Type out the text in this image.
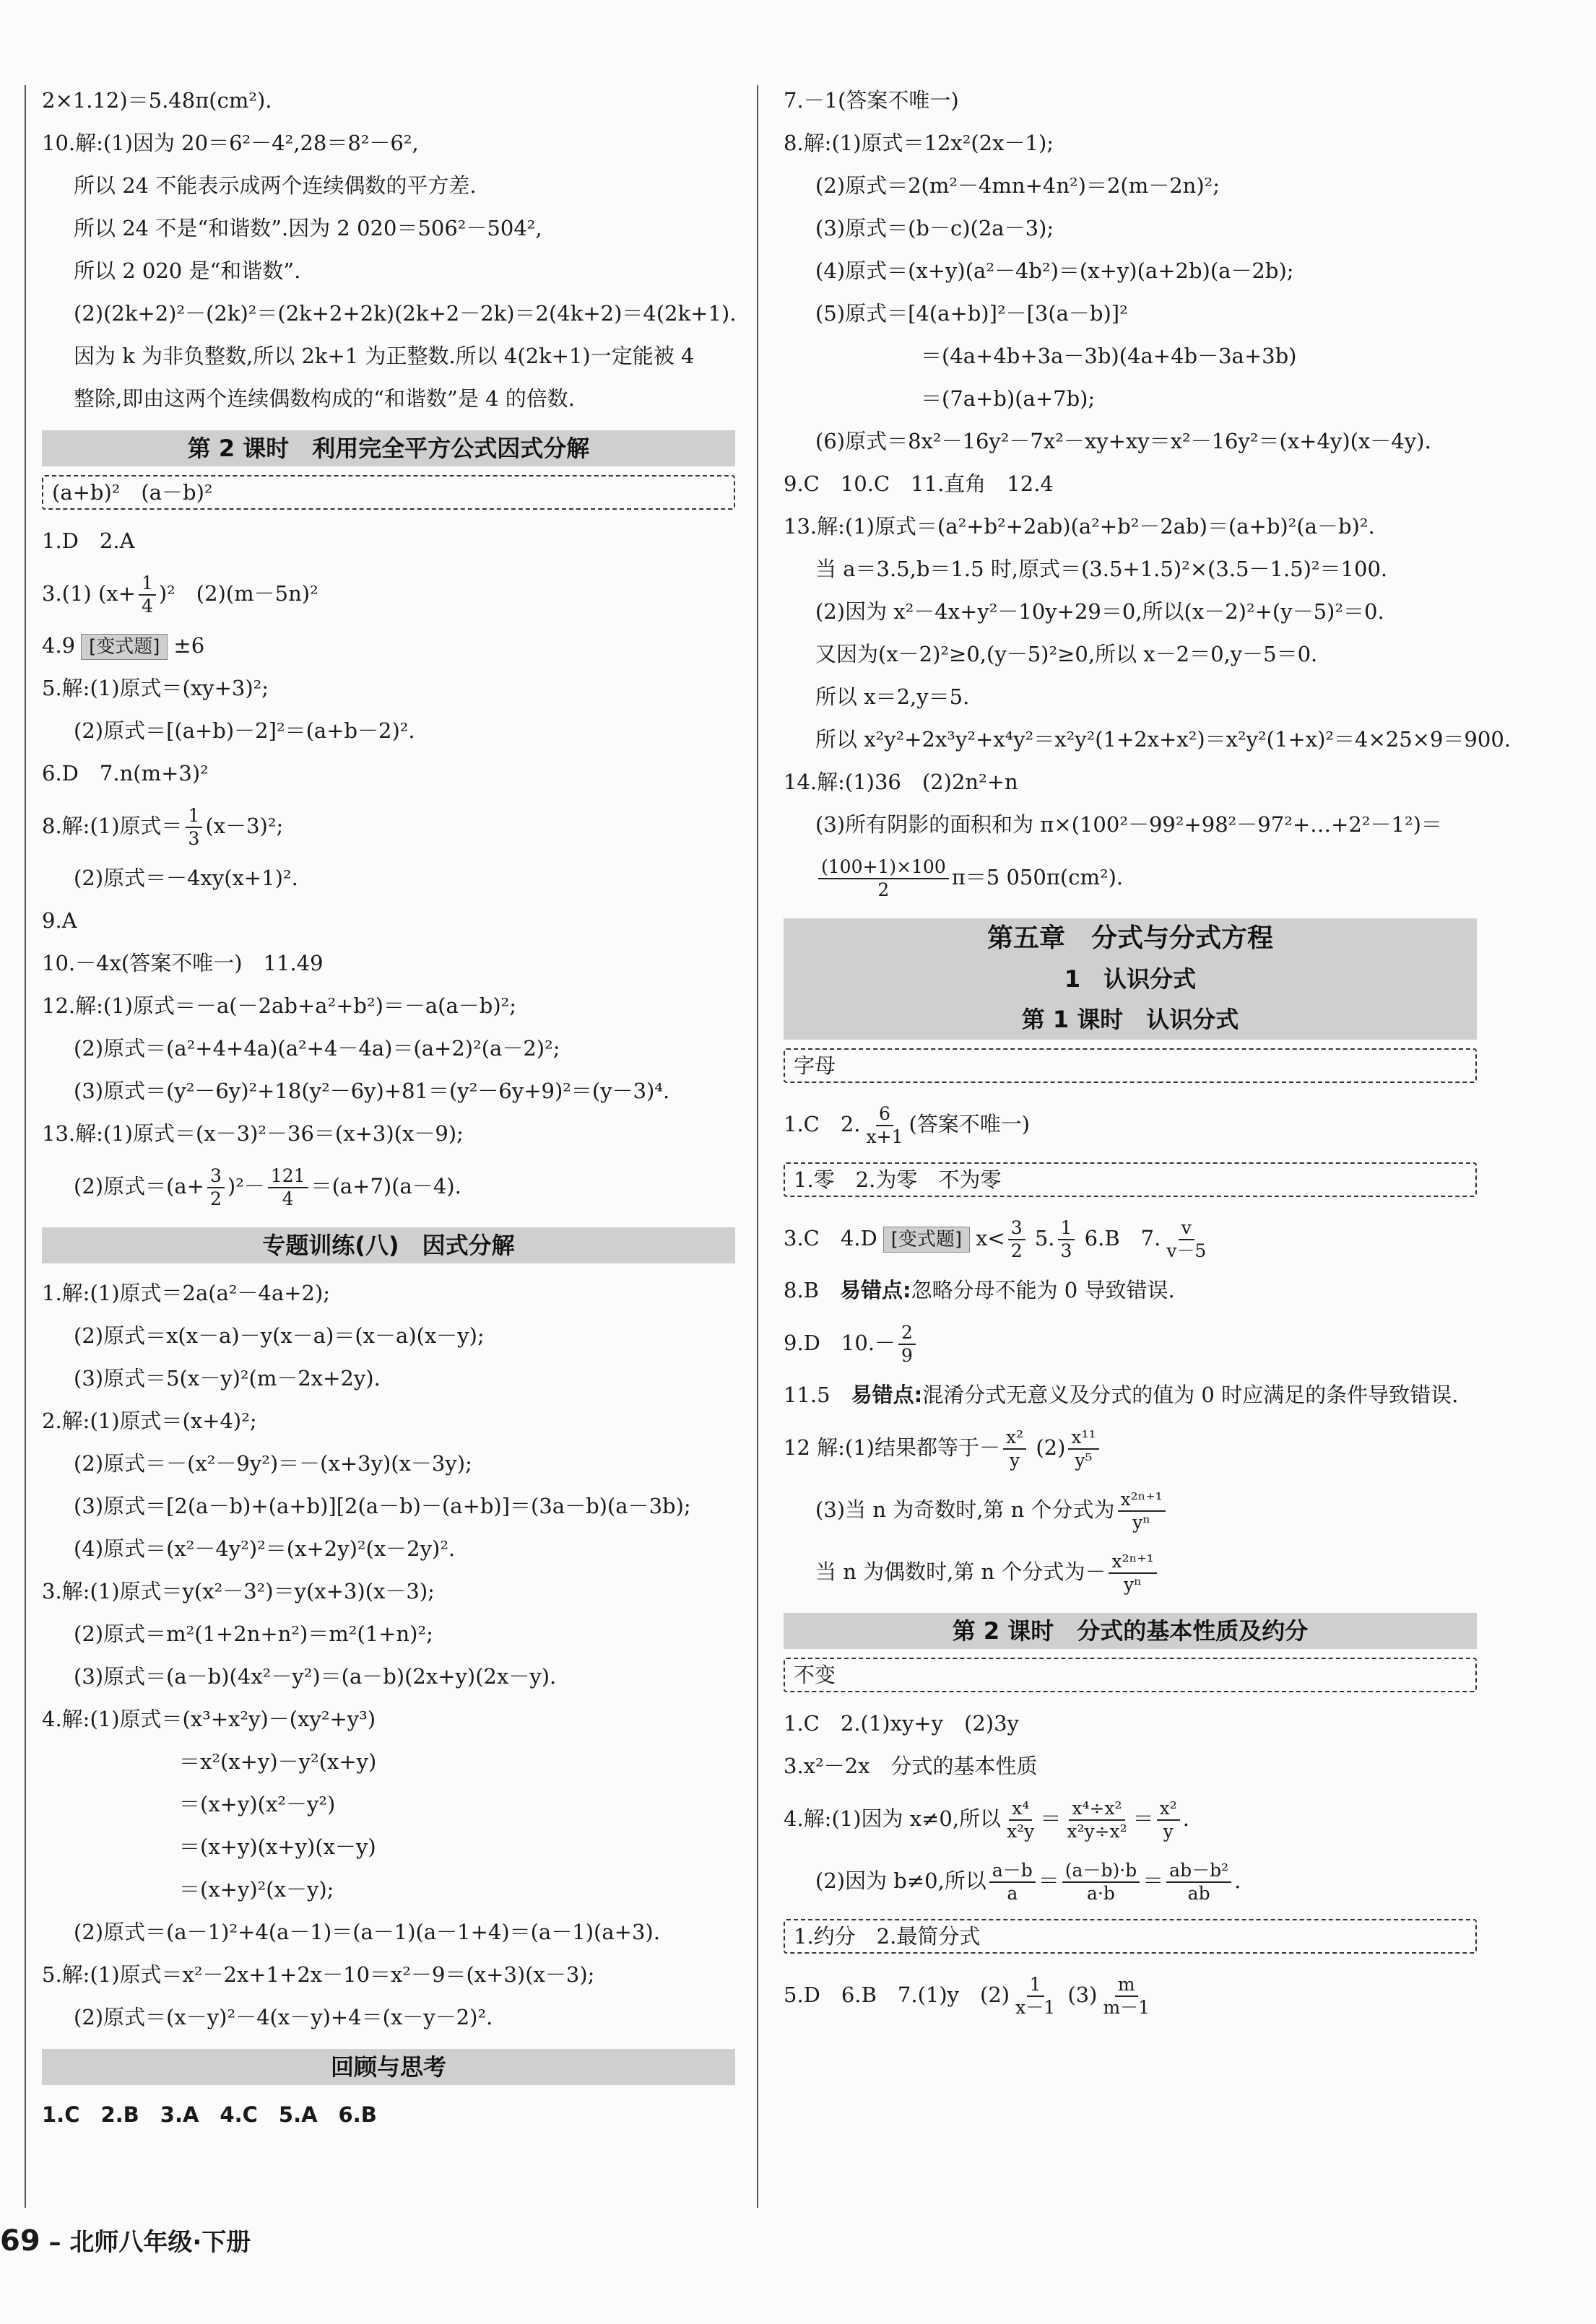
2×1.12)＝5.48π(cm²).
10.解:(1)因为 20＝6²－4²,28＝8²－6²,
所以 24 不能表示成两个连续偶数的平方差.
所以 24 不是“和谐数”.因为 2 020＝506²－504²,
所以 2 020 是“和谐数”.
(2)(2k+2)²－(2k)²＝(2k+2+2k)(2k+2－2k)＝2(4k+2)＝4(2k+1).
因为 k 为非负整数,所以 2k+1 为正整数.所以 4(2k+1)一定能被 4
整除,即由这两个连续偶数构成的“和谐数”是 4 的倍数.
第 2 课时　利用完全平方公式因式分解
(a+b)²　(a－b)²
1.D　2.A
3.(1) $(x+ \frac{1}{4} )^2$　(2)(m－5n)²
4.9 [变式题] ±6
5.解:(1)原式＝(xy+3)²;
(2)原式＝[(a+b)－2]²＝(a+b－2)².
6.D　7.n(m+3)²
8.解:(1)原式＝ $\frac{1}{3} (x-3)^2$;
(2)原式＝－4xy(x+1)².
9.A
10.－4x(答案不唯一)　11.49
12.解:(1)原式＝－a(－2ab+a²+b²)＝－a(a－b)²;
(2)原式＝(a²+4+4a)(a²+4－4a)＝(a+2)²(a－2)²;
(3)原式＝(y²－6y)²+18(y²－6y)+81＝(y²－6y+9)²＝(y－3)⁴.
13.解:(1)原式＝(x－3)²－36＝(x+3)(x－9);
(2)原式$=(a+ \frac{3}{2} )^2- \frac{121}{4} =(a+7)(a-4)$.
专题训练(八)　因式分解
1.解:(1)原式＝2a(a²－4a+2);
(2)原式＝x(x－a)－y(x－a)＝(x－a)(x－y);
(3)原式＝5(x－y)²(m－2x+2y).
2.解:(1)原式＝(x+4)²;
(2)原式＝－(x²－9y²)＝－(x+3y)(x－3y);
(3)原式＝[2(a－b)+(a+b)][2(a－b)－(a+b)]＝(3a－b)(a－3b);
(4)原式＝(x²－4y²)²＝(x+2y)²(x－2y)².
3.解:(1)原式＝y(x²－3²)＝y(x+3)(x－3);
(2)原式＝m²(1+2n+n²)＝m²(1+n)²;
(3)原式＝(a－b)(4x²－y²)＝(a－b)(2x+y)(2x－y).
4.解:(1)原式＝(x³+x²y)－(xy²+y³)
＝x²(x+y)－y²(x+y)
＝(x+y)(x²－y²)
＝(x+y)(x+y)(x－y)
＝(x+y)²(x－y);
(2)原式＝(a－1)²+4(a－1)＝(a－1)(a－1+4)＝(a－1)(a+3).
5.解:(1)原式＝x²－2x+1+2x－10＝x²－9＝(x+3)(x－3);
(2)原式＝(x－y)²－4(x－y)+4＝(x－y－2)².
回顾与思考
1.C　2.B　3.A　4.C　5.A　6.B
7.－1(答案不唯一)
8.解:(1)原式＝12x²(2x－1);
(2)原式＝2(m²－4mn+4n²)＝2(m－2n)²;
(3)原式＝(b－c)(2a－3);
(4)原式＝(x+y)(a²－4b²)＝(x+y)(a+2b)(a－2b);
(5)原式＝[4(a+b)]²－[3(a－b)]²
＝(4a+4b+3a－3b)(4a+4b－3a+3b)
＝(7a+b)(a+7b);
(6)原式＝8x²－16y²－7x²－xy+xy＝x²－16y²＝(x+4y)(x－4y).
9.C　10.C　11.直角　12.4
13.解:(1)原式＝(a²+b²+2ab)(a²+b²－2ab)＝(a+b)²(a－b)².
当 a＝3.5,b＝1.5 时,原式＝(3.5+1.5)²×(3.5－1.5)²＝100.
(2)因为 x²－4x+y²－10y+29＝0,所以(x－2)²+(y－5)²＝0.
又因为(x－2)²≥0,(y－5)²≥0,所以 x－2＝0,y－5＝0.
所以 x＝2,y＝5.
所以 x²y²+2x³y²+x⁴y²＝x²y²(1+2x+x²)＝x²y²(1+x)²＝4×25×9＝900.
14.解:(1)36　(2)2n²+n
(3)所有阴影的面积和为 π×(100²－99²+98²－97²+…+2²－1²)＝
$\frac{(100+1)\times 100}{2} \pi=5$ 050π(cm²).
第五章　分式与分式方程
1　认识分式
第 1 课时　认识分式
字母
1.C　2. $\frac{6}{x+1}$ (答案不唯一)
1.零　2.为零　不为零
3.C　4.D [变式题] $x< \frac{3}{2} 5$. $\frac{1}{3} 6.B$　7. $\frac{v}{v-5}$
8.B　易错点:忽略分母不能为 0 导致错误.
9.D　$10.- \frac{2}{9}$
11.5　易错点:混淆分式无意义及分式的值为 0 时应满足的条件导致错误.
12 解:(1)结果都等于－ $\frac{\text{x²}}{y} (2) \frac{\text{x¹¹}}{\text{y⁵}}$
(3)当 n 为奇数时,第 n 个分式为 $\frac{\text{x²ⁿ⁺¹}}{\text{yⁿ}}$
当 n 为偶数时,第 n 个分式为－ $\frac{\text{x²ⁿ⁺¹}}{\text{yⁿ}}$
第 2 课时　分式的基本性质及约分
不变
1.C　2.(1)xy+y　(2)3y
3.x²－2x　分式的基本性质
4.解:(1)因为 x≠0,所以 $\frac{\text{x⁴}}{\text{x²y}} = \frac{\text{x⁴÷x²}}{\text{x²y÷x²}} = \frac{\text{x²}}{y}$ .
(2)因为 b≠0,所以 $\frac{a-b}{a} = \frac{(a-b)\cdot b}{a\cdot b} = \frac{\text{ab－b²}}{ab}$ .
1.约分　2.最简分式
5.D　6.B　7.(1)y　$(2) \frac{1}{x-1} (3) \frac{m}{m-1}$
69 – 北师八年级·下册
